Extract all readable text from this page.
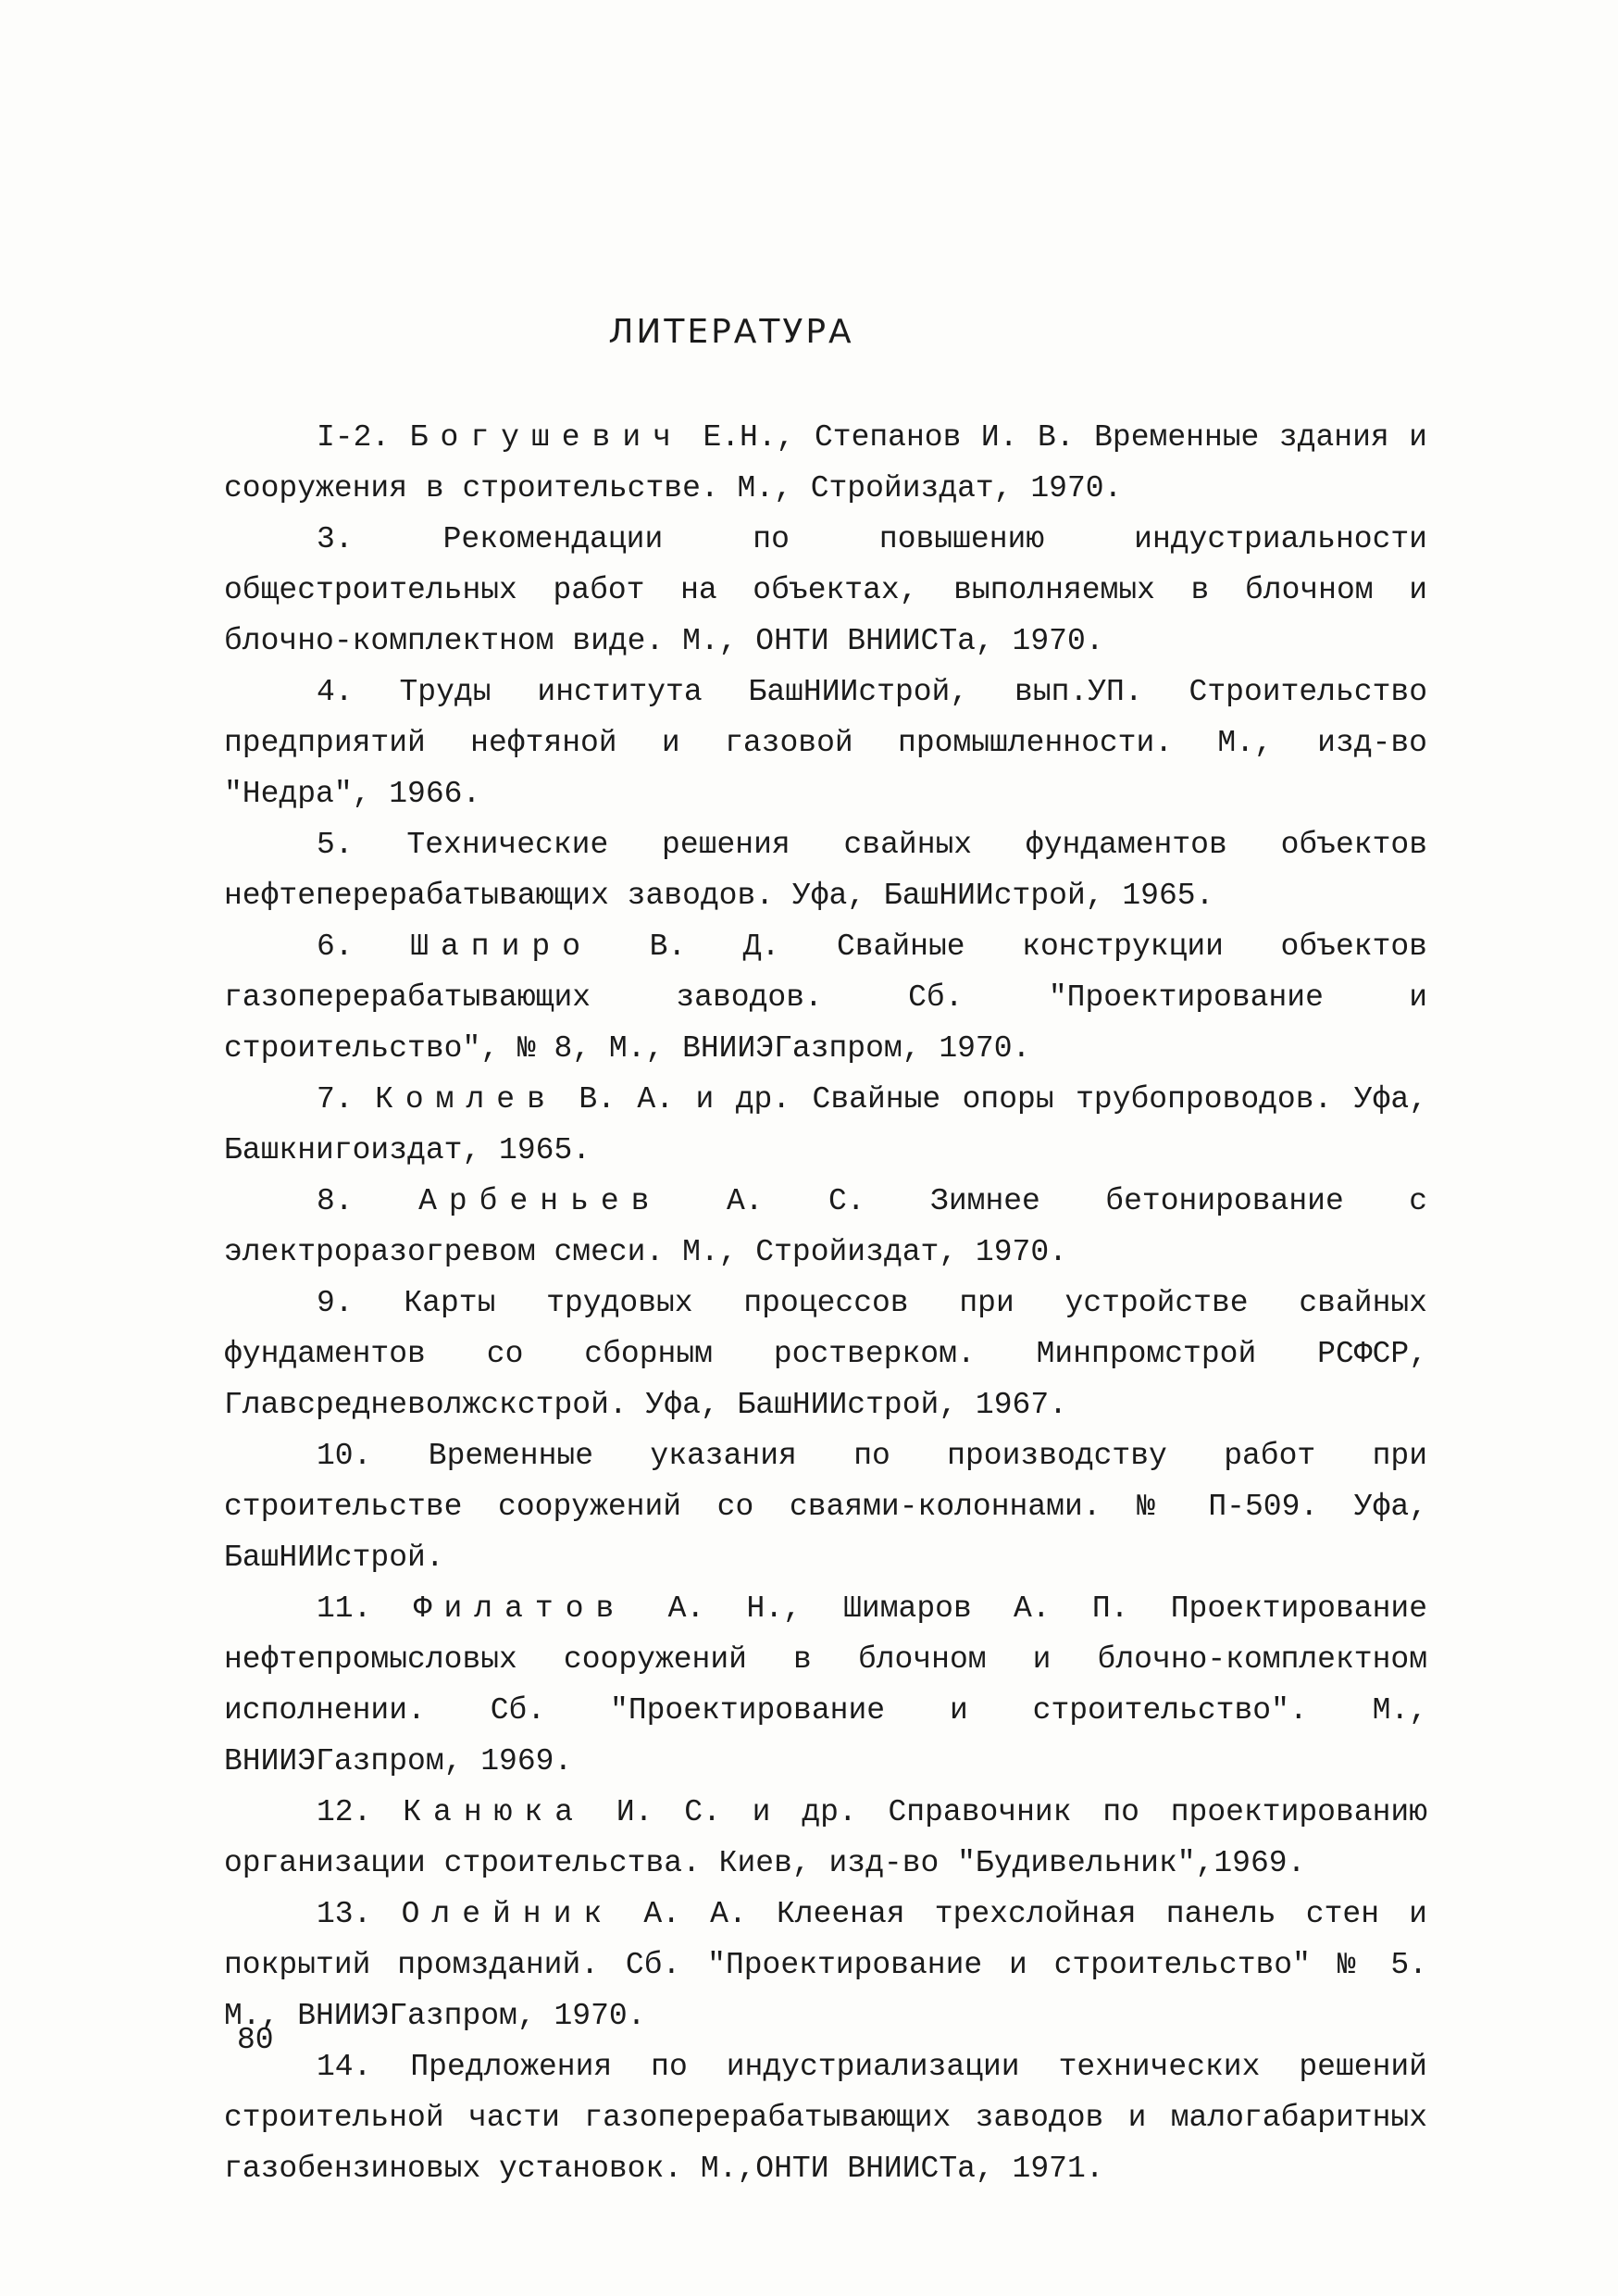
ЛИТЕРАТУРА

I-2. Богушевич Е.Н., Степанов И. В. Временные здания и сооружения в строительстве. М., Стройиздат, 1970.

3. Рекомендации по повышению индустриальности общестроительных работ на объектах, выполняемых в блочном и блочно-комплектном виде. М., ОНТИ ВНИИСТа, 1970.

4. Труды института БашНИИстрой, вып.УП. Строительство предприятий нефтяной и газовой промышленности. М., изд-во "Недра", 1966.

5. Технические решения свайных фундаментов объектов нефтеперерабатывающих заводов. Уфа, БашНИИстрой, 1965.

6. Шапиро В. Д. Свайные конструкции объектов газоперерабатывающих заводов. Сб. "Проектирование и строительство", № 8, М., ВНИИЭГазпром, 1970.

7. Комлев В. А. и др. Свайные опоры трубопроводов. Уфа, Башкнигоиздат, 1965.

8. Арбеньев А. С. Зимнее бетонирование с электроразогревом смеси. М., Стройиздат, 1970.

9. Карты трудовых процессов при устройстве свайных фундаментов со сборным ростверком. Минпромстрой РСФСР, Главсредневолжскстрой. Уфа, БашНИИстрой, 1967.

10. Временные указания по производству работ при строительстве сооружений со сваями-колоннами. № П-509. Уфа, БашНИИстрой.

11. Филатов А. Н., Шимаров А. П. Проектирование нефтепромысловых сооружений в блочном и блочно-комплектном исполнении. Сб. "Проектирование и строительство". М., ВНИИЭГазпром, 1969.

12. Канюка И. С. и др. Справочник по проектированию организации строительства. Киев, изд-во "Будивельник",1969.

13. Олейник А. А. Клееная трехслойная панель стен и покрытий промзданий. Сб. "Проектирование и строительство" № 5. М., ВНИИЭГазпром, 1970.

14. Предложения по индустриализации технических решений строительной части газоперерабатывающих заводов и малогабаритных газобензиновых установок. М.,ОНТИ ВНИИСТа, 1971.

80
